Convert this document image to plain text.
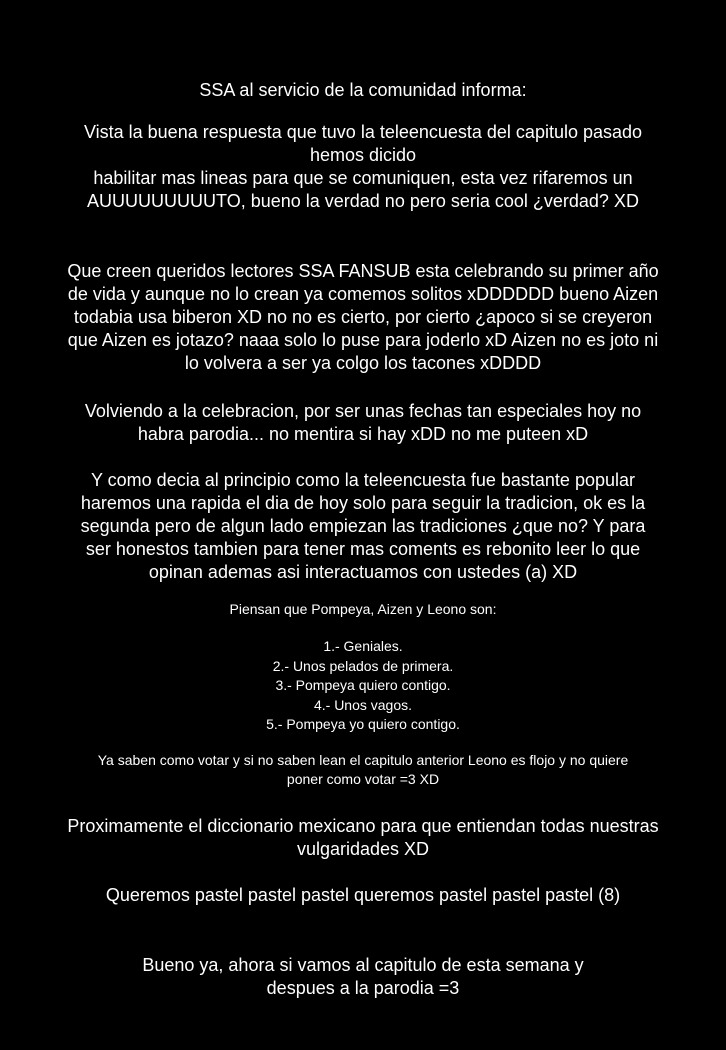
SSA al servicio de la comunidad informa:
Vista la buena respuesta que tuvo la teleencuesta del capitulo pasado
hemos dicido
habilitar mas lineas para que se comuniquen, esta vez rifaremos un
AUUUUUUUUUTO, bueno la verdad no pero seria cool ¿verdad? XD
Que creen queridos lectores SSA FANSUB esta celebrando su primer año
de vida y aunque no lo crean ya comemos solitos xDDDDDD bueno Aizen
todabia usa biberon XD no no es cierto, por cierto ¿apoco si se creyeron
que Aizen es jotazo? naaa solo lo puse para joderlo xD Aizen no es joto ni
lo volvera a ser ya colgo los tacones xDDDD
Volviendo a la celebracion, por ser unas fechas tan especiales hoy no
habra parodia... no mentira si hay xDD no me puteen xD
Y como decia al principio como la teleencuesta fue bastante popular
haremos una rapida el dia de hoy solo para seguir la tradicion, ok es la
segunda pero de algun lado empiezan las tradiciones ¿que no? Y para
ser honestos tambien para tener mas coments es rebonito leer lo que
opinan ademas asi interactuamos con ustedes (a) XD
Piensan que Pompeya, Aizen y Leono son:
1.- Geniales.
2.- Unos pelados de primera.
3.- Pompeya quiero contigo.
4.- Unos vagos.
5.- Pompeya yo quiero contigo.
Ya saben como votar y si no saben lean el capitulo anterior Leono es flojo y no quiere
poner como votar =3 XD
Proximamente el diccionario mexicano para que entiendan todas nuestras
vulgaridades XD
Queremos pastel pastel pastel queremos pastel pastel pastel (8)
Bueno ya, ahora si vamos al capitulo de esta semana y
despues a la parodia =3
